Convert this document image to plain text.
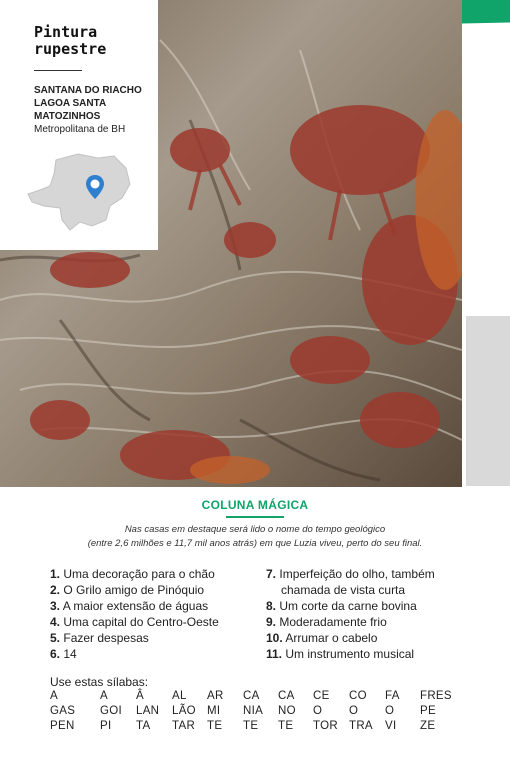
Pintura
rupestre
SANTANA DO RIACHO
LAGOA SANTA
MATOZINHOS
Metropolitana de BH
COLUNA MÁGICA
Nas casas em destaque será lido o nome do tempo geológico
(entre 2,6 milhões e 11,7 mil anos atrás) em que Luzia viveu, perto do seu final.
1. Uma decoração para o chão
2. O Grilo amigo de Pinóquio
3. A maior extensão de águas
4. Uma capital do Centro-Oeste
5. Fazer despesas
6. 14
7. Imperfeição do olho, também
chamada de vista curta
8. Um corte da carne bovina
9. Moderadamente frio
10. Arrumar o cabelo
11. Um instrumento musical
Use estas sílabas:
A
GAS
PEN
A
GOI
PI
Â
LAN
TA
AL
LÃO
TAR
AR
MI
TE
CA
NIA
TE
CA
NO
TE
CE
O
TOR
CO
O
TRA
FA
O
VI
FRES
PE
ZE
